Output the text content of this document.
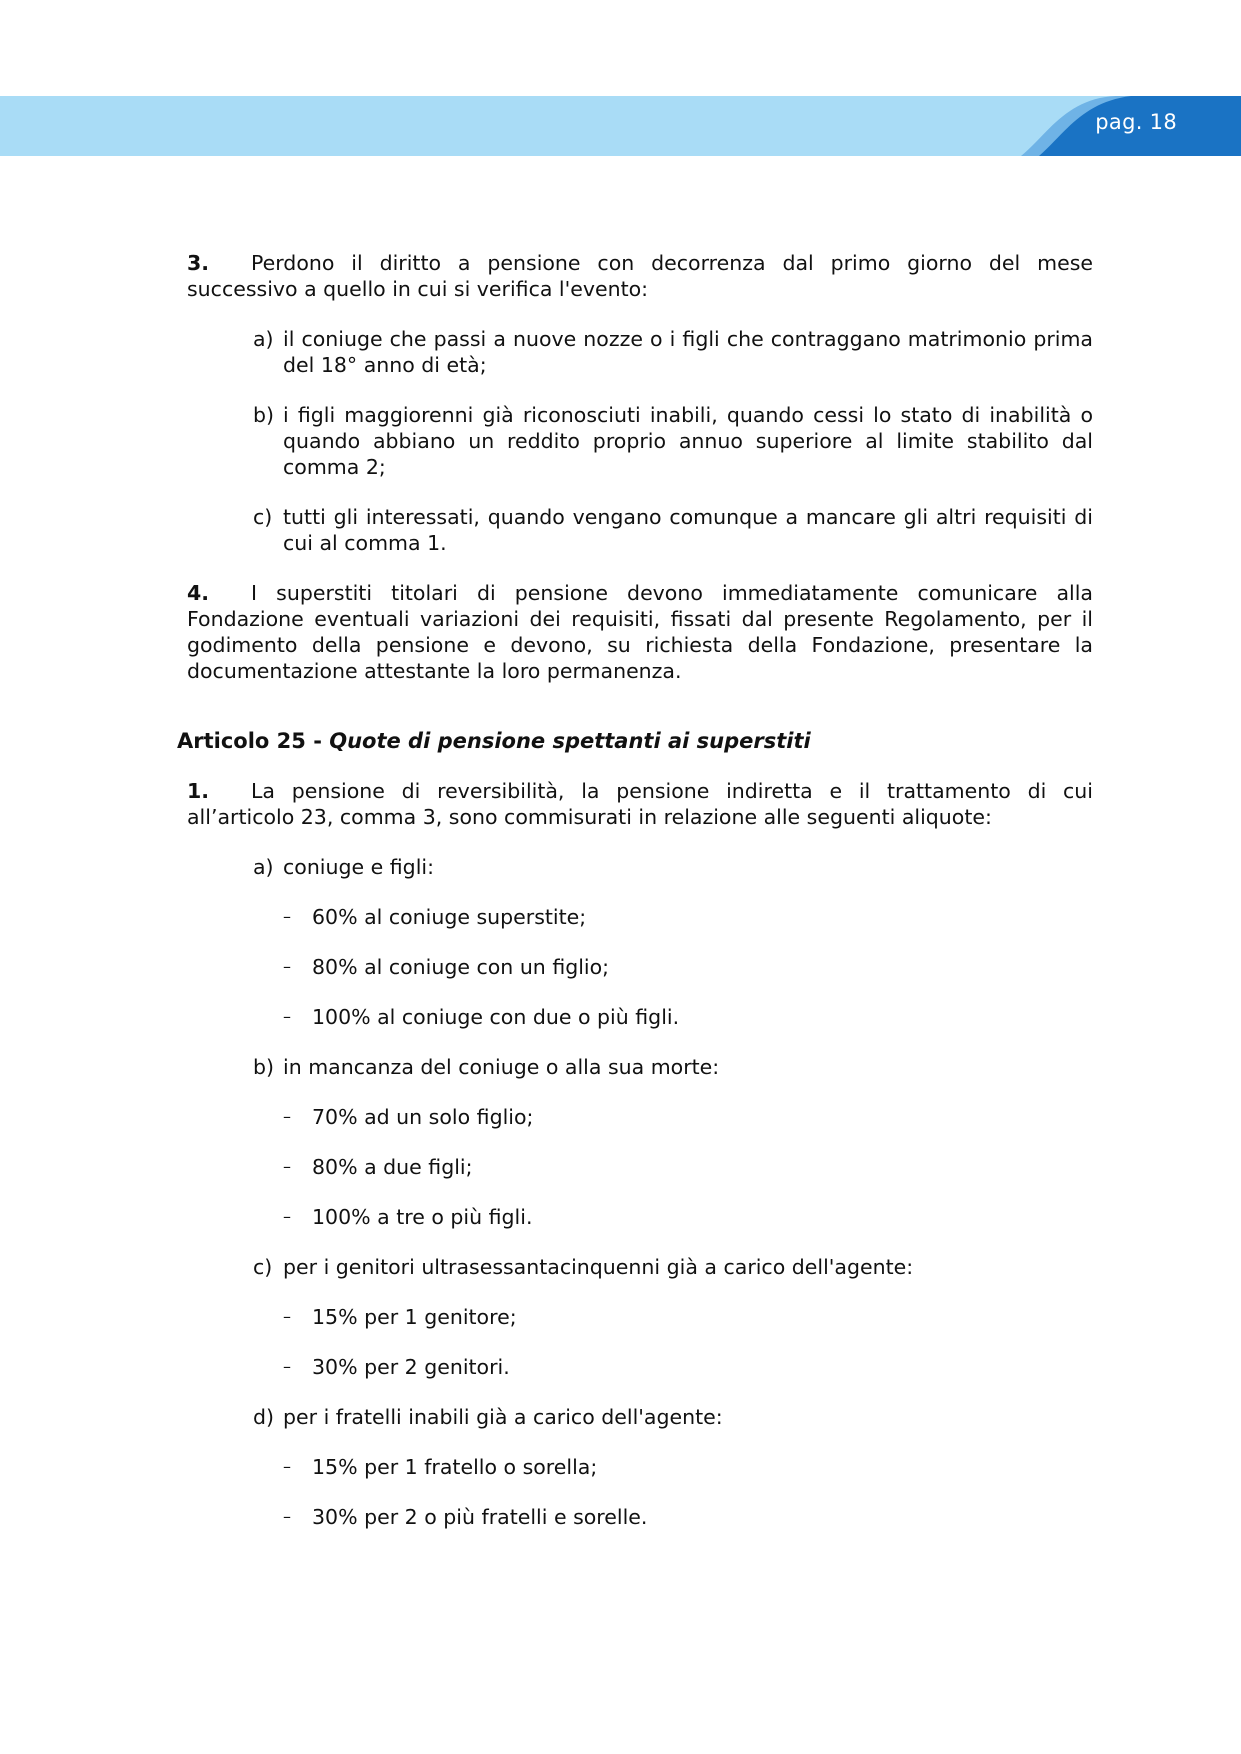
pag. 18

3. Perdono il diritto a pensione con decorrenza dal primo giorno del mese successivo a quello in cui si verifica l'evento:

a) il coniuge che passi a nuove nozze o i figli che contraggano matrimonio prima del 18° anno di età;

b) i figli maggiorenni già riconosciuti inabili, quando cessi lo stato di inabilità o quando abbiano un reddito proprio annuo superiore al limite stabilito dal comma 2;

c) tutti gli interessati, quando vengano comunque a mancare gli altri requisiti di cui al comma 1.

4. I superstiti titolari di pensione devono immediatamente comunicare alla Fondazione eventuali variazioni dei requisiti, fissati dal presente Regolamento, per il godimento della pensione e devono, su richiesta della Fondazione, presentare la documentazione attestante la loro permanenza.

Articolo 25 - Quote di pensione spettanti ai superstiti

1. La pensione di reversibilità, la pensione indiretta e il trattamento di cui all’articolo 23, comma 3, sono commisurati in relazione alle seguenti aliquote:

a) coniuge e figli:

– 60% al coniuge superstite;

– 80% al coniuge con un figlio;

– 100% al coniuge con due o più figli.

b) in mancanza del coniuge o alla sua morte:

– 70% ad un solo figlio;

– 80% a due figli;

– 100% a tre o più figli.

c) per i genitori ultrasessantacinquenni già a carico dell'agente:

– 15% per 1 genitore;

– 30% per 2 genitori.

d) per i fratelli inabili già a carico dell'agente:

– 15% per 1 fratello o sorella;

– 30% per 2 o più fratelli e sorelle.
